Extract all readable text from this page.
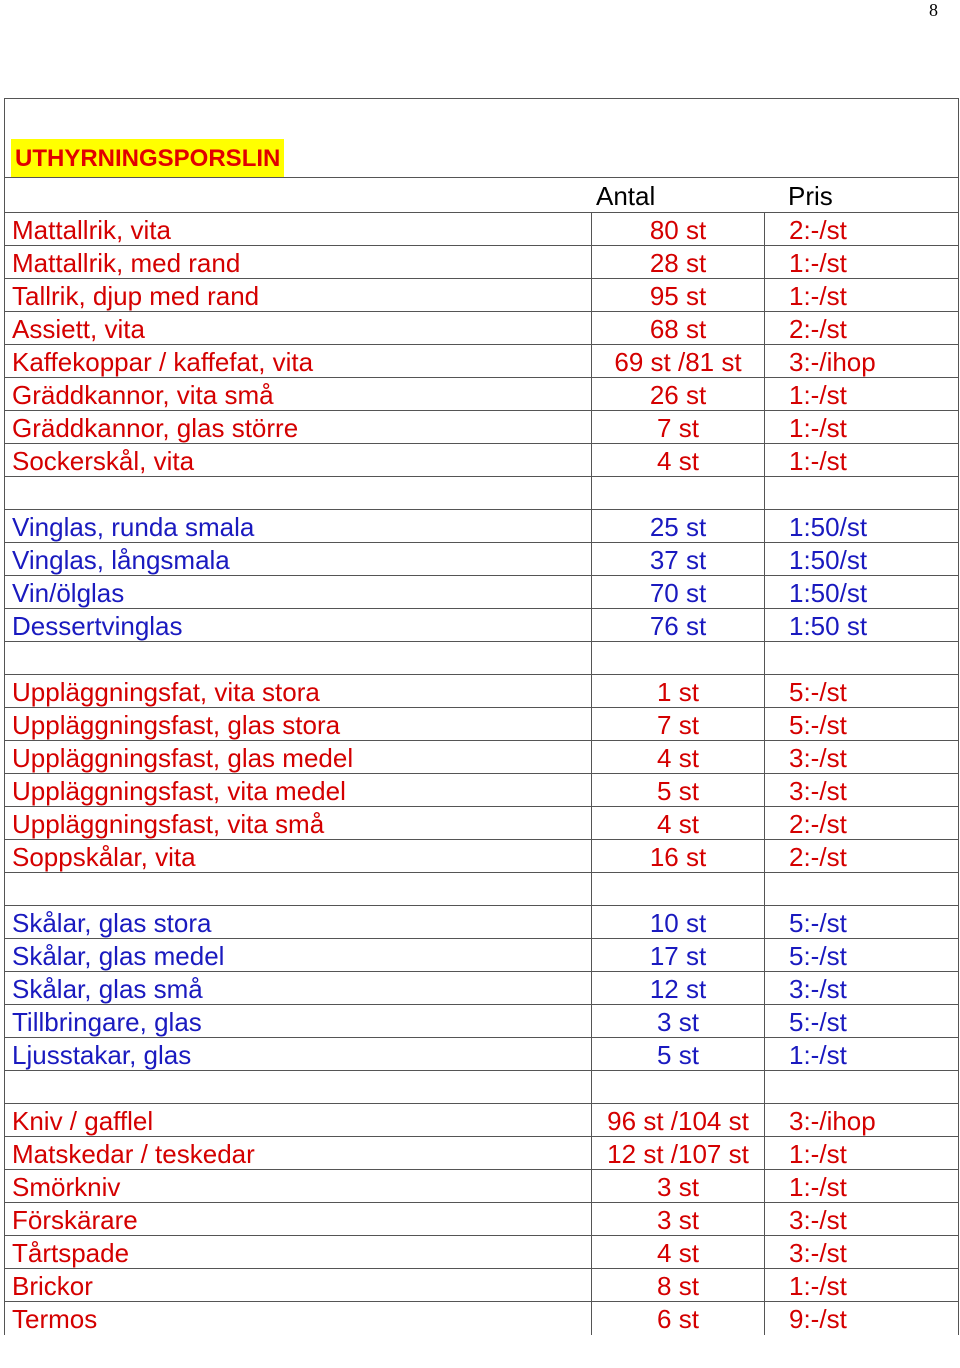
8
UTHYRNINGSPORSLIN
Antal	Pris
Mattallrik, vita	80 st	2:-/st
Mattallrik, med rand	28 st	1:-/st
Tallrik, djup med rand	95 st	1:-/st
Assiett, vita	68 st	2:-/st
Kaffekoppar / kaffefat, vita	69 st /81 st	3:-/ihop
Gräddkannor, vita små	26 st	1:-/st
Gräddkannor, glas större	7 st	1:-/st
Sockerskål, vita	4 st	1:-/st
Vinglas, runda smala	25 st	1:50/st
Vinglas, långsmala	37 st	1:50/st
Vin/ölglas	70 st	1:50/st
Dessertvinglas	76 st	1:50 st
Uppläggningsfat, vita stora	1 st	5:-/st
Uppläggningsfast, glas stora	7 st	5:-/st
Uppläggningsfast, glas medel	4 st	3:-/st
Uppläggningsfast, vita medel	5 st	3:-/st
Uppläggningsfast, vita små	4 st	2:-/st
Soppskålar, vita	16 st	2:-/st
Skålar, glas stora	10 st	5:-/st
Skålar, glas medel	17 st	5:-/st
Skålar, glas små	12 st	3:-/st
Tillbringare, glas	3 st	5:-/st
Ljusstakar, glas	5 st	1:-/st
Kniv / gafflel	96 st /104 st	3:-/ihop
Matskedar / teskedar	12 st /107 st	1:-/st
Smörkniv	3 st	1:-/st
Förskärare	3 st	3:-/st
Tårtspade	4 st	3:-/st
Brickor	8 st	1:-/st
Termos	6 st	9:-/st
